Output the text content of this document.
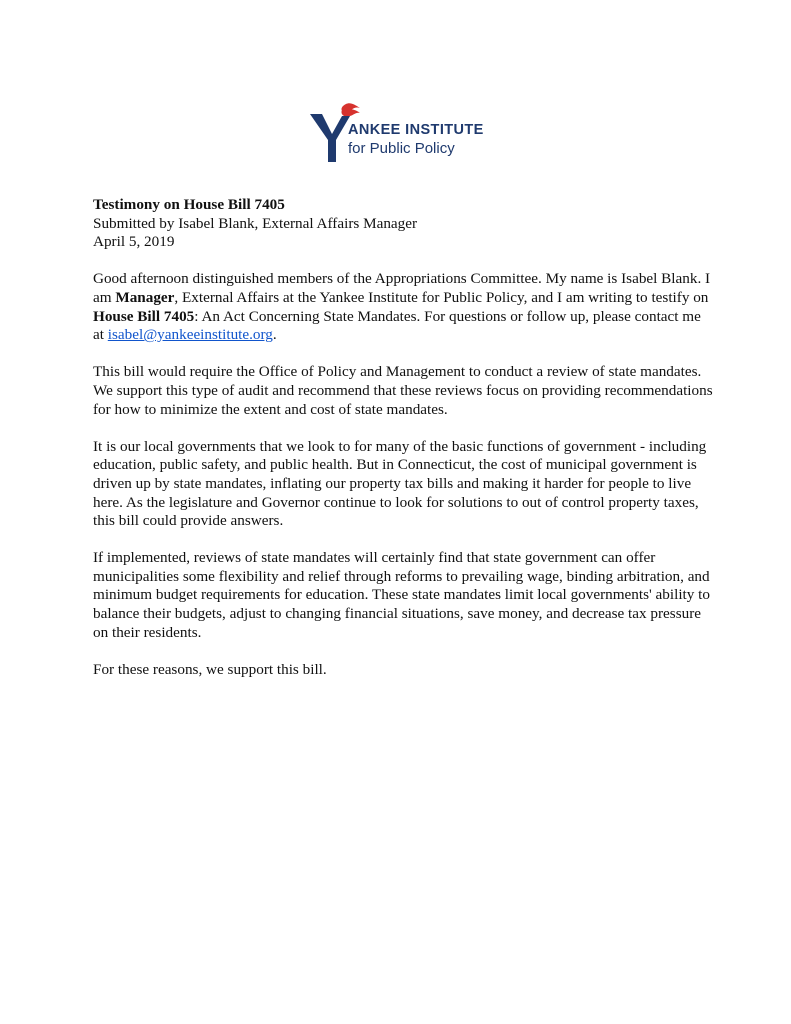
ANKEE INSTITUTE
for Public Policy

Testimony on House Bill 7405

Submitted by Isabel Blank, External Affairs Manager

April 5, 2019

Good afternoon distinguished members of the Appropriations Committee. My name is Isabel Blank. I am Manager, External Affairs at the Yankee Institute for Public Policy, and I am writing to testify on House Bill 7405: An Act Concerning State Mandates. For questions or follow up, please contact me at isabel@yankeeinstitute.org.

This bill would require the Office of Policy and Management to conduct a review of state mandates. We support this type of audit and recommend that these reviews focus on providing recommendations for how to minimize the extent and cost of state mandates.

It is our local governments that we look to for many of the basic functions of government - including education, public safety, and public health. But in Connecticut, the cost of municipal government is driven up by state mandates, inflating our property tax bills and making it harder for people to live here. As the legislature and Governor continue to look for solutions to out of control property taxes, this bill could provide answers.

If implemented, reviews of state mandates will certainly find that state government can offer municipalities some flexibility and relief through reforms to prevailing wage, binding arbitration, and minimum budget requirements for education. These state mandates limit local governments' ability to balance their budgets, adjust to changing financial situations, save money, and decrease tax pressure on their residents.

For these reasons, we support this bill.
